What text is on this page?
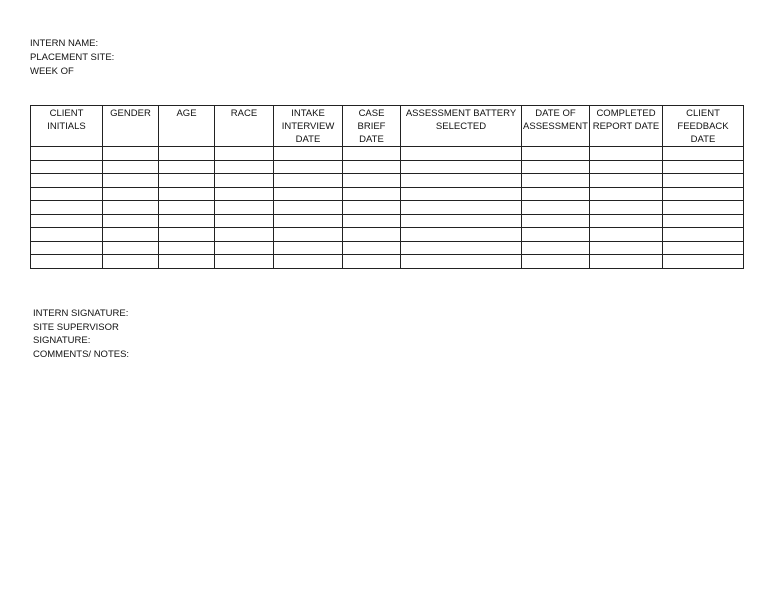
INTERN NAME:
PLACEMENT SITE:
WEEK OF
CLIENT INITIALS	GENDER	AGE	RACE	INTAKE INTERVIEW DATE	CASE BRIEF DATE	ASSESSMENT BATTERY SELECTED	DATE OF ASSESSMENT	COMPLETED REPORT DATE	CLIENT FEEDBACK DATE

INTERN SIGNATURE:
SITE SUPERVISOR
SIGNATURE:
COMMENTS/ NOTES:
